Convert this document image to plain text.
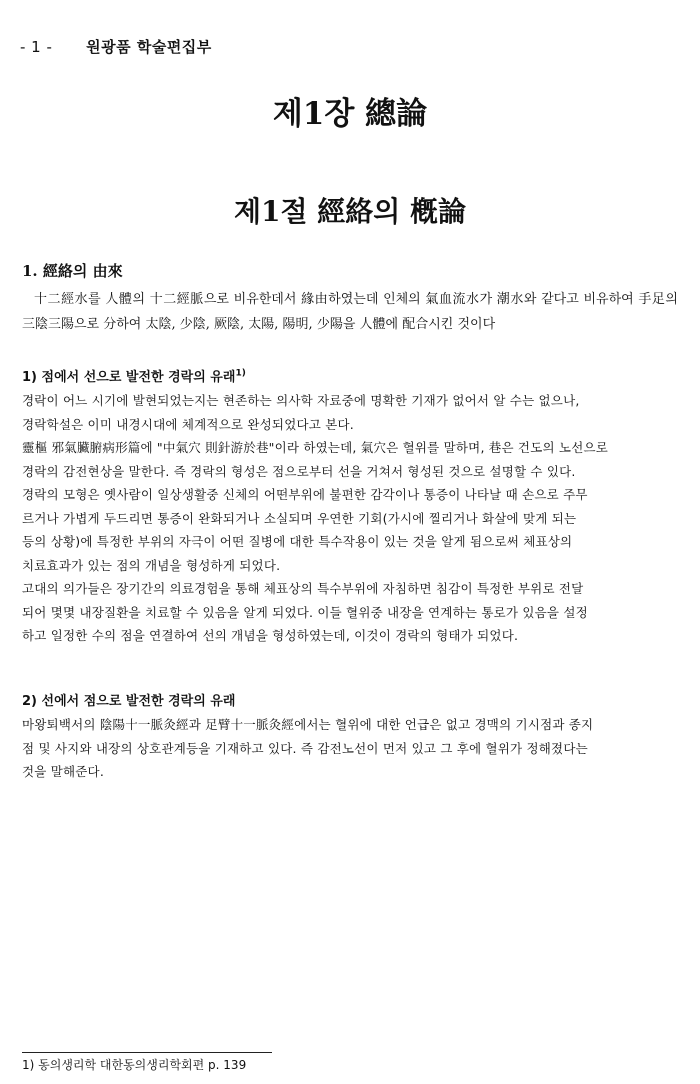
- 1 - 원광품 학술편집부
제1장 總論
제1절 經絡의 槪論
1. 經絡의 由來
十二經水를 人體의 十二經脈으로 비유한데서 緣由하였는데 인체의 氣血流水가 潮水와 같다고 비유하여 手足의 三陰三陽으로 分하여 太陰, 少陰, 厥陰, 太陽, 陽明, 少陽을 人體에 配合시킨 것이다
1) 점에서 선으로 발전한 경락의 유래$^{1)}$
경락이 어느 시기에 발현되었는지는 현존하는 의사학 자료중에 명확한 기재가 없어서 알 수는 없으나,
경락학설은 이미 내경시대에 체계적으로 완성되었다고 본다.
靈樞 邪氣臟腑病形篇에 "中氣穴 則針游於巷"이라 하였는데, 氣穴은 혈위를 말하며, 巷은 건도의 노선으로
경락의 감전현상을 말한다. 즉 경락의 형성은 점으로부터 선을 거쳐서 형성된 것으로 설명할 수 있다.
경락의 모형은 옛사람이 일상생활중 신체의 어떤부위에 불편한 감각이나 통증이 나타날 때 손으로 주무
르거나 가볍게 두드리면 통증이 완화되거나 소실되며 우연한 기회(가시에 찔리거나 화살에 맞게 되는
등의 상황)에 특정한 부위의 자극이 어떤 질병에 대한 특수작용이 있는 것을 알게 됨으로써 체표상의
치료효과가 있는 점의 개념을 형성하게 되었다.
고대의 의가들은 장기간의 의료경험을 통해 체표상의 특수부위에 자침하면 침감이 특정한 부위로 전달
되어 몇몇 내장질환을 치료할 수 있음을 알게 되었다. 이들 혈위중 내장을 연계하는 통로가 있음을 설정
하고 일정한 수의 점을 연결하여 선의 개념을 형성하였는데, 이것이 경락의 형태가 되었다.
2) 선에서 점으로 발전한 경락의 유래
마왕퇴백서의 陰陽十一脈灸經과 足臂十一脈灸經에서는 혈위에 대한 언급은 없고 경맥의 기시점과 종지
점 및 사지와 내장의 상호관계등을 기재하고 있다. 즉 감전노선이 먼저 있고 그 후에 혈위가 정해졌다는
것을 말해준다.
1) 동의생리학 대한동의생리학회편 p. 139
